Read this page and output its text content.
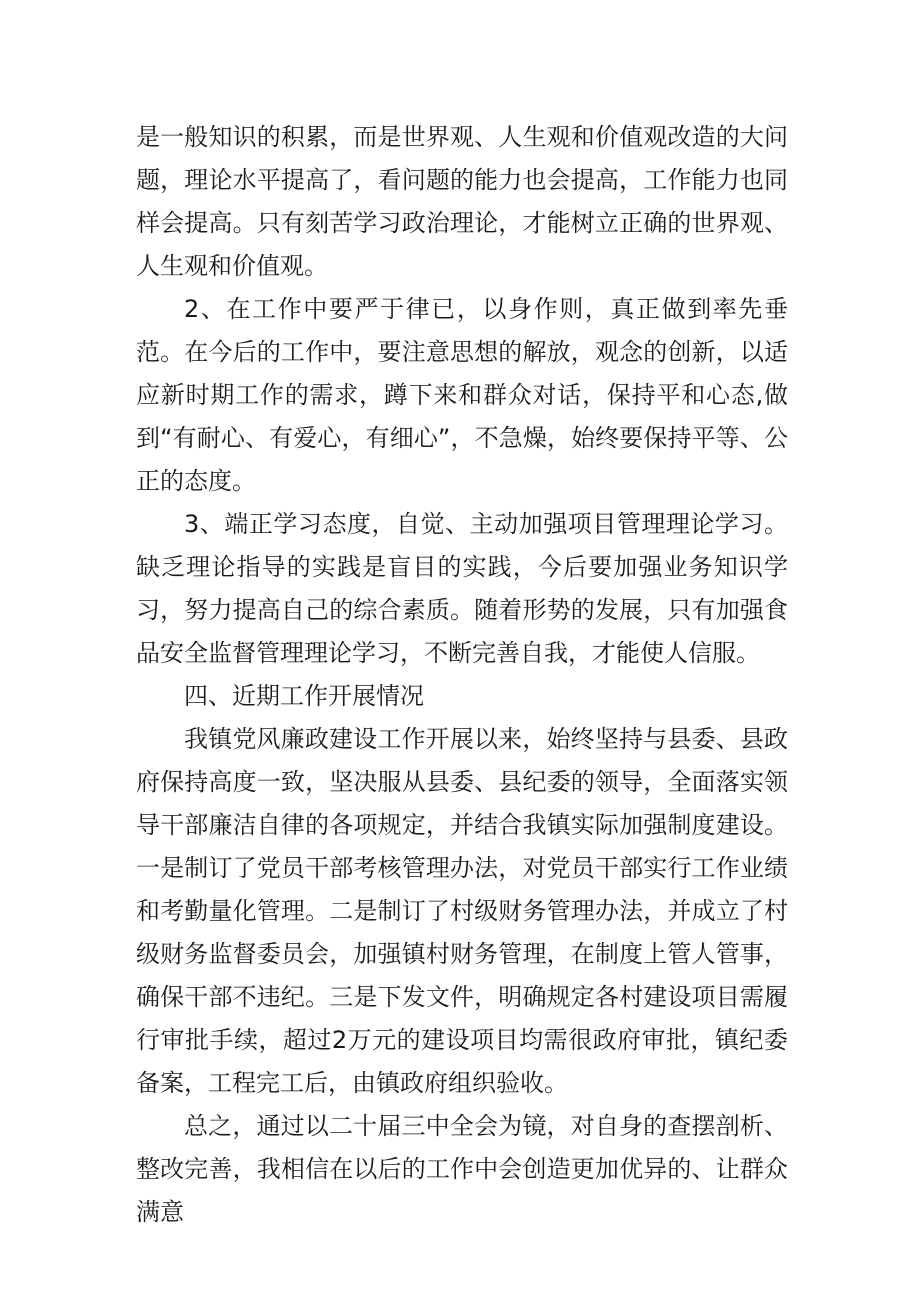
是一般知识的积累，而是世界观、人生观和价值观改造的大问题，理论水平提高了，看问题的能力也会提高，工作能力也同样会提高。只有刻苦学习政治理论，才能树立正确的世界观、人生观和价值观。

2、在工作中要严于律已，以身作则，真正做到率先垂范。在今后的工作中，要注意思想的解放，观念的创新，以适应新时期工作的需求，蹲下来和群众对话，保持平和心态,做到“有耐心、有爱心，有细心”，不急燥，始终要保持平等、公正的态度。

3、端正学习态度，自觉、主动加强项目管理理论学习。缺乏理论指导的实践是盲目的实践，今后要加强业务知识学习，努力提高自己的综合素质。随着形势的发展，只有加强食品安全监督管理理论学习，不断完善自我，才能使人信服。

四、近期工作开展情况

我镇党风廉政建设工作开展以来，始终坚持与县委、县政府保持高度一致，坚决服从县委、县纪委的领导，全面落实领导干部廉洁自律的各项规定，并结合我镇实际加强制度建设。一是制订了党员干部考核管理办法，对党员干部实行工作业绩和考勤量化管理。二是制订了村级财务管理办法，并成立了村级财务监督委员会，加强镇村财务管理，在制度上管人管事，确保干部不违纪。三是下发文件，明确规定各村建设项目需履行审批手续，超过2万元的建设项目均需很政府审批，镇纪委备案，工程完工后，由镇政府组织验收。

总之，通过以二十届三中全会为镜，对自身的查摆剖析、整改完善，我相信在以后的工作中会创造更加优异的、让群众满意
